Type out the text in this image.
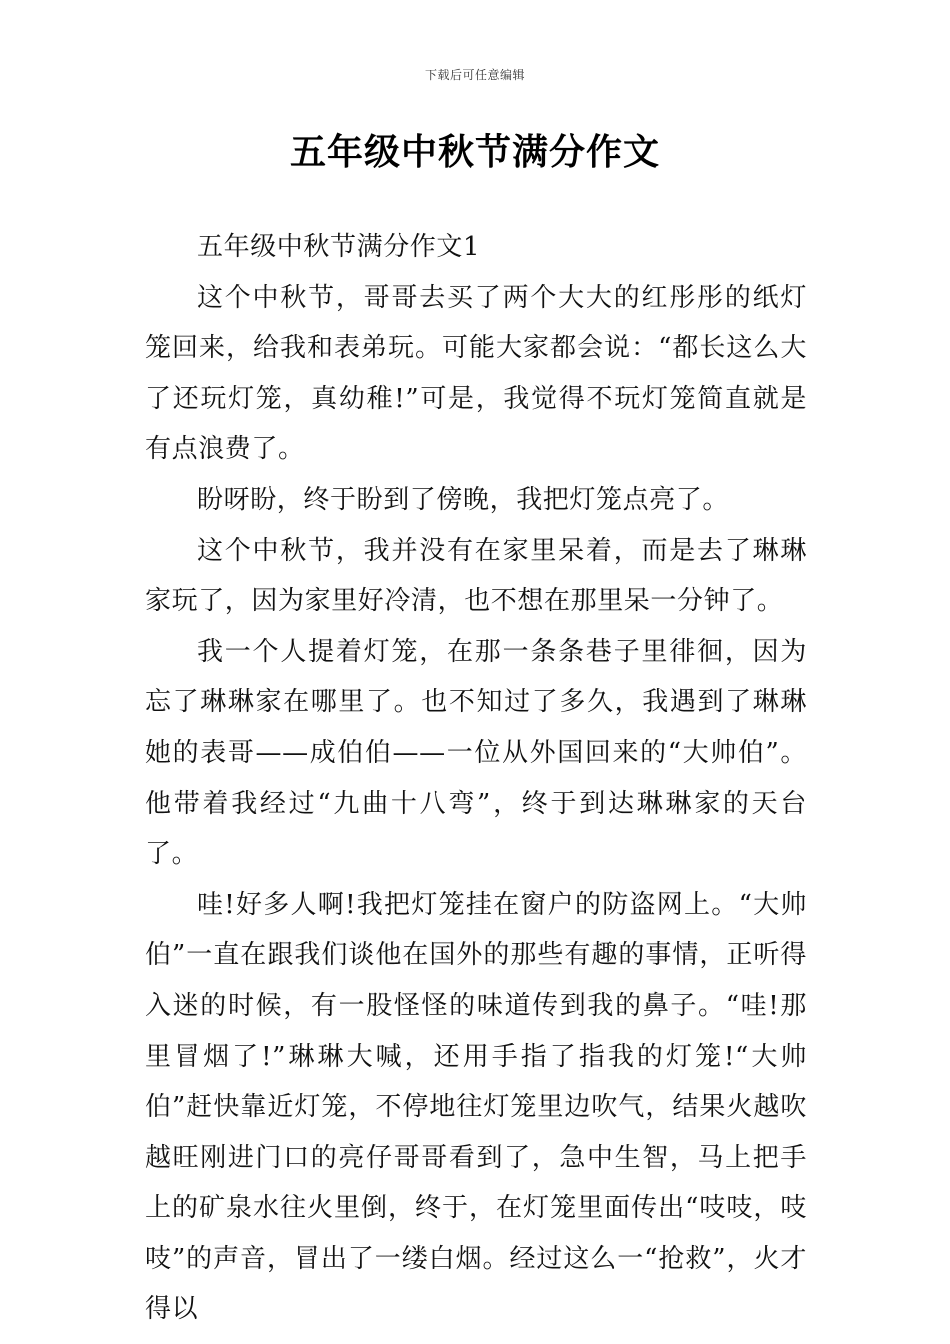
下载后可任意编辑
五年级中秋节满分作文

五年级中秋节满分作文1

这个中秋节，哥哥去买了两个大大的红彤彤的纸灯笼回来，给我和表弟玩。可能大家都会说：“都长这么大了还玩灯笼，真幼稚!”可是，我觉得不玩灯笼简直就是有点浪费了。

盼呀盼，终于盼到了傍晚，我把灯笼点亮了。

这个中秋节，我并没有在家里呆着，而是去了琳琳家玩了，因为家里好冷清，也不想在那里呆一分钟了。

我一个人提着灯笼，在那一条条巷子里徘徊，因为忘了琳琳家在哪里了。也不知过了多久，我遇到了琳琳她的表哥——成伯伯——一位从外国回来的“大帅伯”。他带着我经过“九曲十八弯”，终于到达琳琳家的天台了。

哇!好多人啊!我把灯笼挂在窗户的防盗网上。“大帅伯”一直在跟我们谈他在国外的那些有趣的事情，正听得入迷的时候，有一股怪怪的味道传到我的鼻子。“哇!那里冒烟了!”琳琳大喊，还用手指了指我的灯笼!“大帅伯”赶快靠近灯笼，不停地往灯笼里边吹气，结果火越吹越旺刚进门口的亮仔哥哥看到了，急中生智，马上把手上的矿泉水往火里倒，终于，在灯笼里面传出“吱吱，吱吱”的声音，冒出了一缕白烟。经过这么一“抢救”，火才得以
